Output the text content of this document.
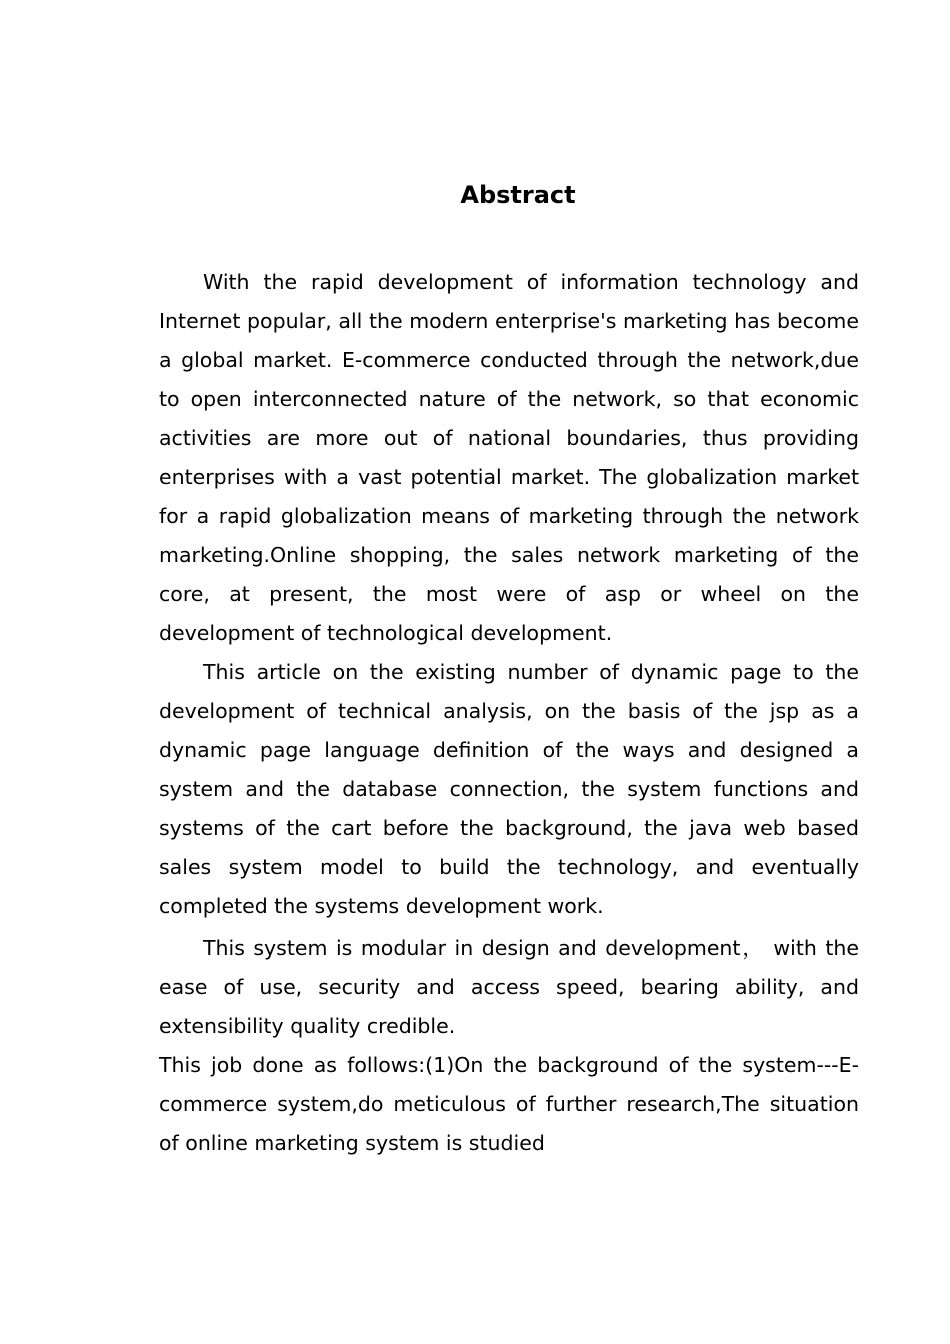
Abstract

With the rapid development of information technology and Internet popular, all the modern enterprise's marketing has become a global market. E-commerce conducted through the network,due to open interconnected nature of the network, so that economic activities are more out of national boundaries, thus providing enterprises with a vast potential market. The globalization market for a rapid globalization means of marketing through the network marketing.Online shopping, the sales network marketing of the core, at present, the most were of asp or wheel on the development of technological development.

This article on the existing number of dynamic page to the development of technical analysis, on the basis of the jsp as a dynamic page language definition of the ways and designed a system and the database connection, the system functions and systems of the cart before the background, the java web based sales system model to build the technology, and eventually completed the systems development work.

This system is modular in design and development， with the ease of use, security and access speed, bearing ability, and extensibility quality credible.

This job done as follows:(1)On the background of the system---E-commerce system,do meticulous of further research,The situation of online marketing system is studied
